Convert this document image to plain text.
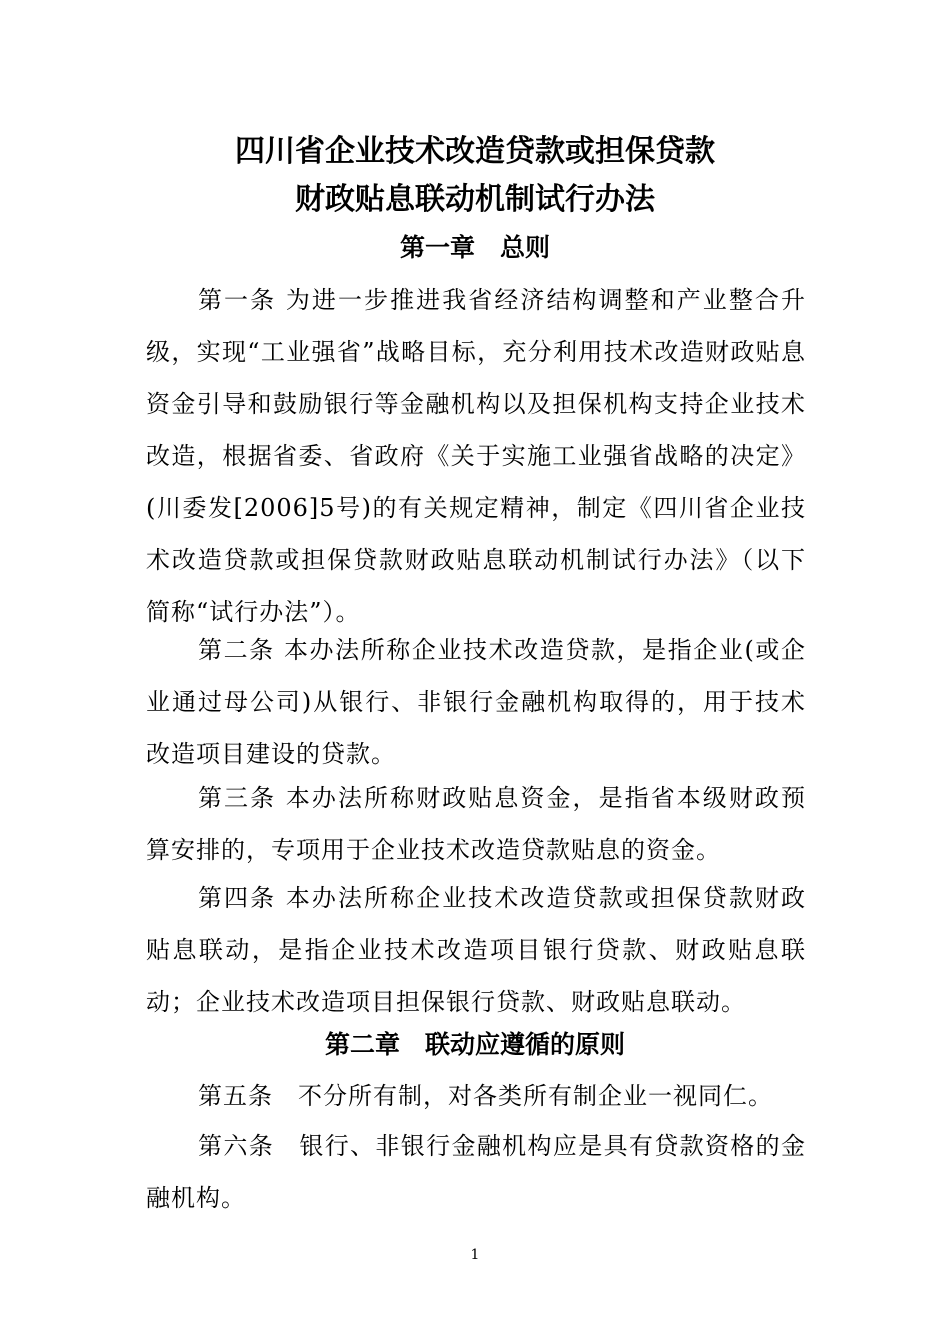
四川省企业技术改造贷款或担保贷款
财政贴息联动机制试行办法
第一章　总则
第一条 为进一步推进我省经济结构调整和产业整合升级，实现“工业强省”战略目标，充分利用技术改造财政贴息资金引导和鼓励银行等金融机构以及担保机构支持企业技术改造，根据省委、省政府《关于实施工业强省战略的决定》(川委发[2006]5号)的有关规定精神，制定《四川省企业技术改造贷款或担保贷款财政贴息联动机制试行办法》（以下简称“试行办法”）。
第二条 本办法所称企业技术改造贷款，是指企业(或企业通过母公司)从银行、非银行金融机构取得的，用于技术改造项目建设的贷款。
第三条 本办法所称财政贴息资金，是指省本级财政预算安排的，专项用于企业技术改造贷款贴息的资金。
第四条 本办法所称企业技术改造贷款或担保贷款财政贴息联动，是指企业技术改造项目银行贷款、财政贴息联动；企业技术改造项目担保银行贷款、财政贴息联动。
第二章　联动应遵循的原则
第五条　不分所有制，对各类所有制企业一视同仁。
第六条　银行、非银行金融机构应是具有贷款资格的金融机构。
1
